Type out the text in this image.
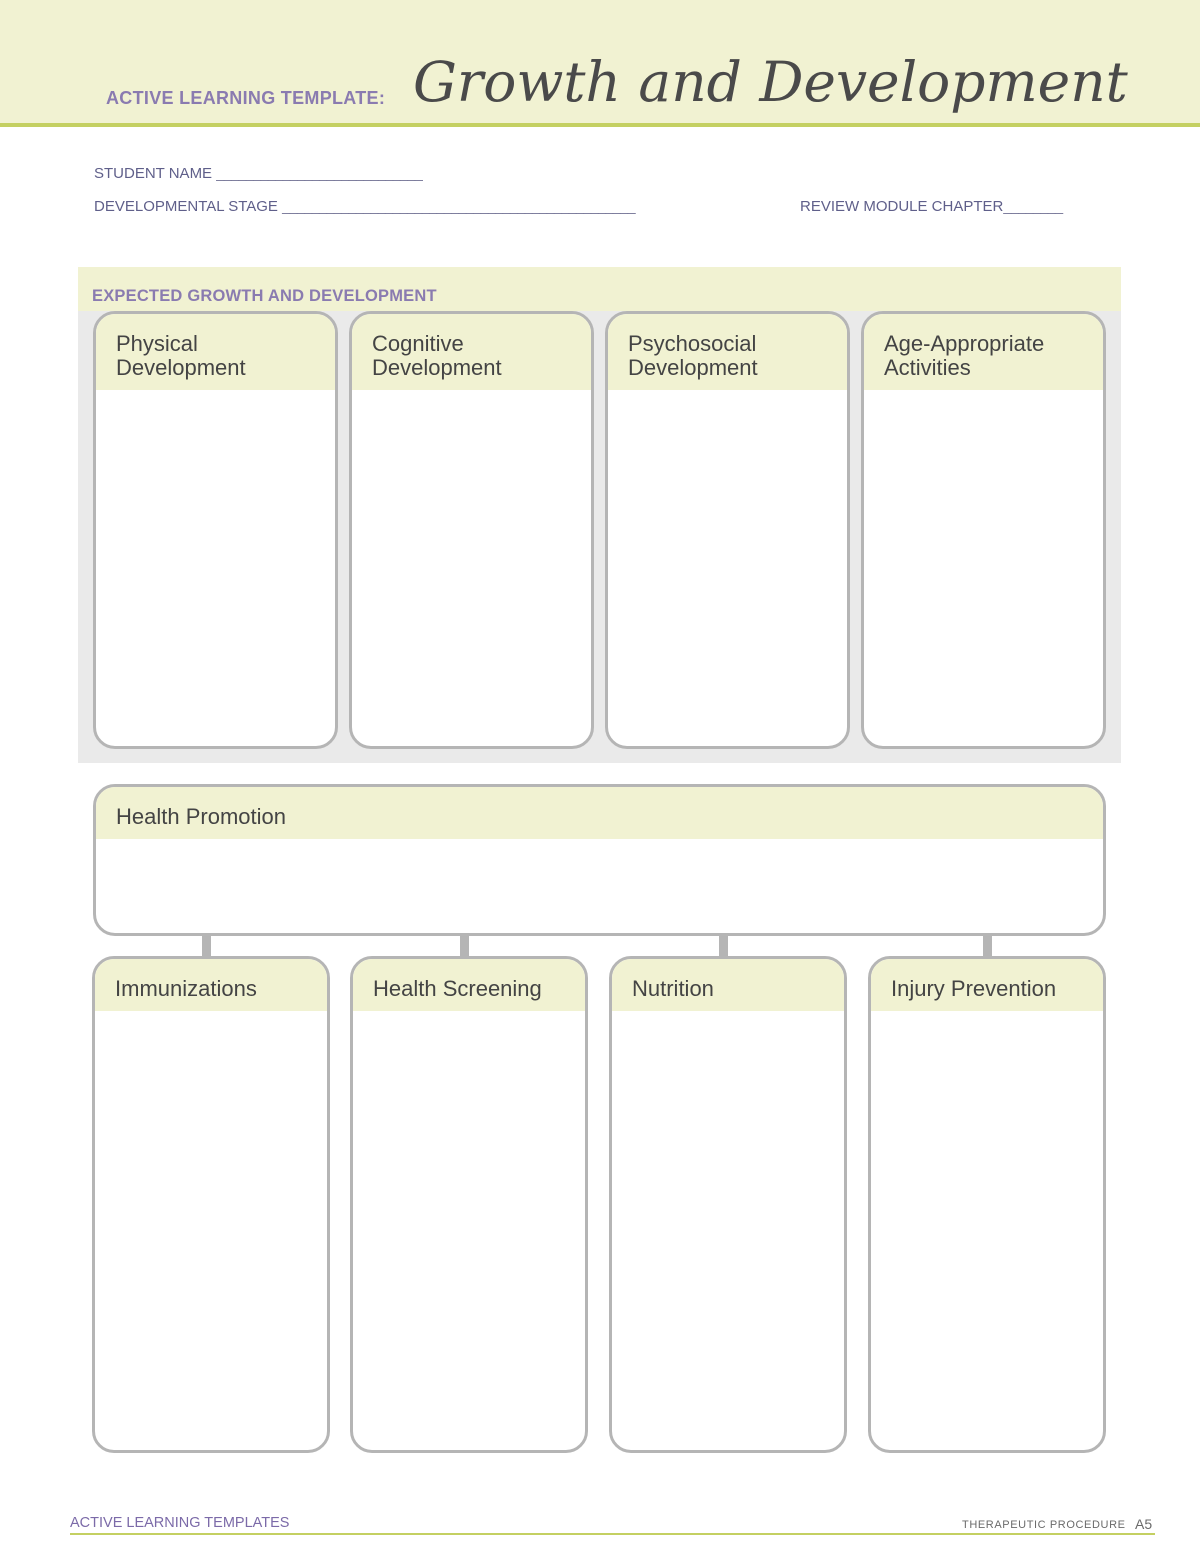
ACTIVE LEARNING TEMPLATE: Growth and Development
STUDENT NAME ____________________________
DEVELOPMENTAL STAGE ________________________________________________	REVIEW MODULE CHAPTER________
EXPECTED GROWTH AND DEVELOPMENT
Physical
Development
Cognitive
Development
Psychosocial
Development
Age-Appropriate
Activities
Health Promotion
Immunizations	Health Screening	Nutrition	Injury Prevention
ACTIVE LEARNING TEMPLATES	THERAPEUTIC PROCEDURE A5
